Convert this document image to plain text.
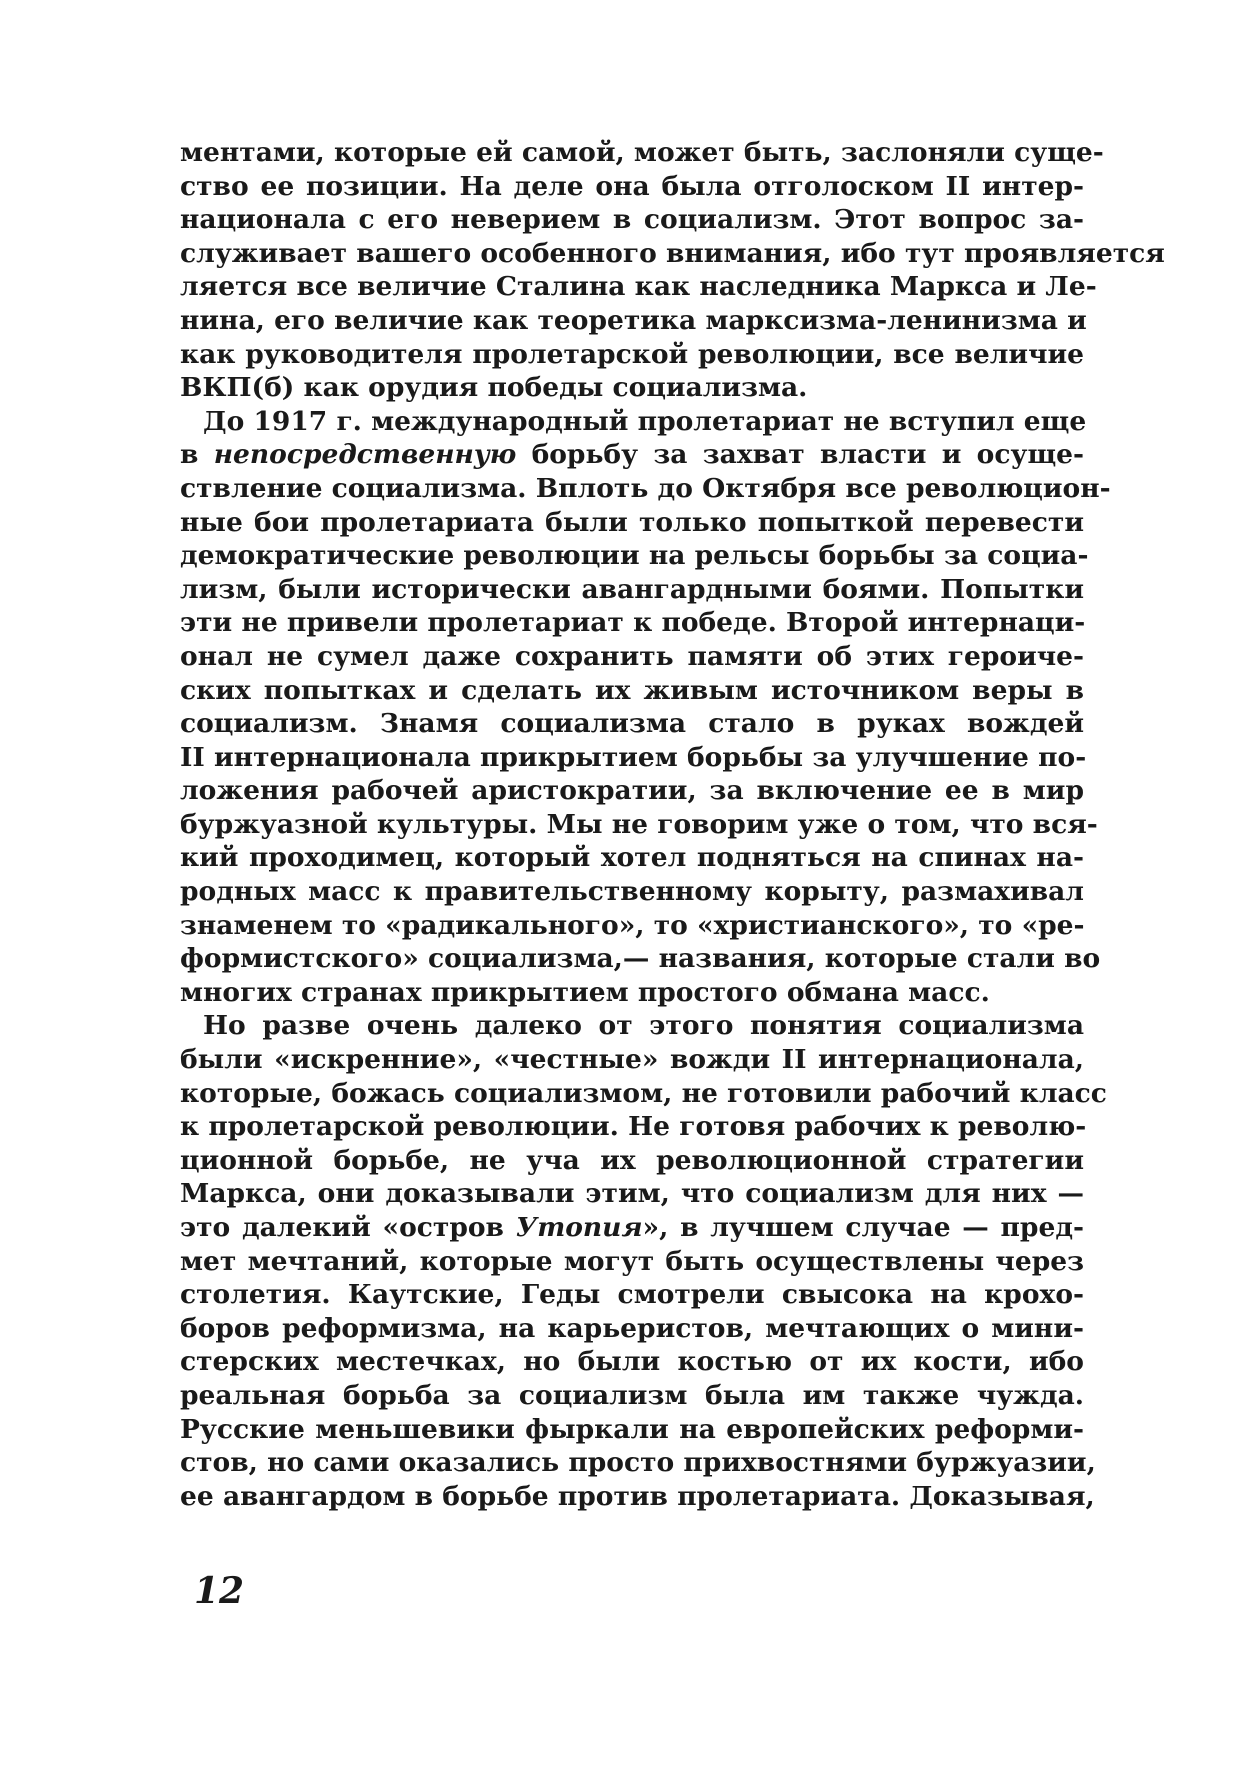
ментами, которые ей самой, может быть, заслоняли суще-
ство ее позиции. На деле она была отголоском II интер-
национала с его неверием в социализм. Этот вопрос за-
служивает вашего особенного внимания, ибо тут проявляется
ляется все величие Сталина как наследника Маркса и Ле-
нина, его величие как теоретика марксизма-ленинизма и
как руководителя пролетарской революции, все величие
ВКП(б) как орудия победы социализма.
До 1917 г. международный пролетариат не вступил еще
в непосредственную борьбу за захват власти и осуще-
ствление социализма. Вплоть до Октября все революцион-
ные бои пролетариата были только попыткой перевести
демократические революции на рельсы борьбы за социа-
лизм, были исторически авангардными боями. Попытки
эти не привели пролетариат к победе. Второй интернаци-
онал не сумел даже сохранить памяти об этих героиче-
ских попытках и сделать их живым источником веры в
социализм. Знамя социализма стало в руках вождей
II интернационала прикрытием борьбы за улучшение по-
ложения рабочей аристократии, за включение ее в мир
буржуазной культуры. Мы не говорим уже о том, что вся-
кий проходимец, который хотел подняться на спинах на-
родных масс к правительственному корыту, размахивал
знаменем то «радикального», то «христианского», то «ре-
формистского» социализма,— названия, которые стали во
многих странах прикрытием простого обмана масс.
Но разве очень далеко от этого понятия социализма
были «искренние», «честные» вожди II интернационала,
которые, божась социализмом, не готовили рабочий класс
к пролетарской революции. Не готовя рабочих к револю-
ционной борьбе, не уча их революционной стратегии
Маркса, они доказывали этим, что социализм для них —
это далекий «остров Утопия», в лучшем случае — пред-
мет мечтаний, которые могут быть осуществлены через
столетия. Каутские, Геды смотрели свысока на крохо-
боров реформизма, на карьеристов, мечтающих о мини-
стерских местечках, но были костью от их кости, ибо
реальная борьба за социализм была им также чужда.
Русские меньшевики фыркали на европейских реформи-
стов, но сами оказались просто прихвостнями буржуазии,
ее авангардом в борьбе против пролетариата. Доказывая,
12
